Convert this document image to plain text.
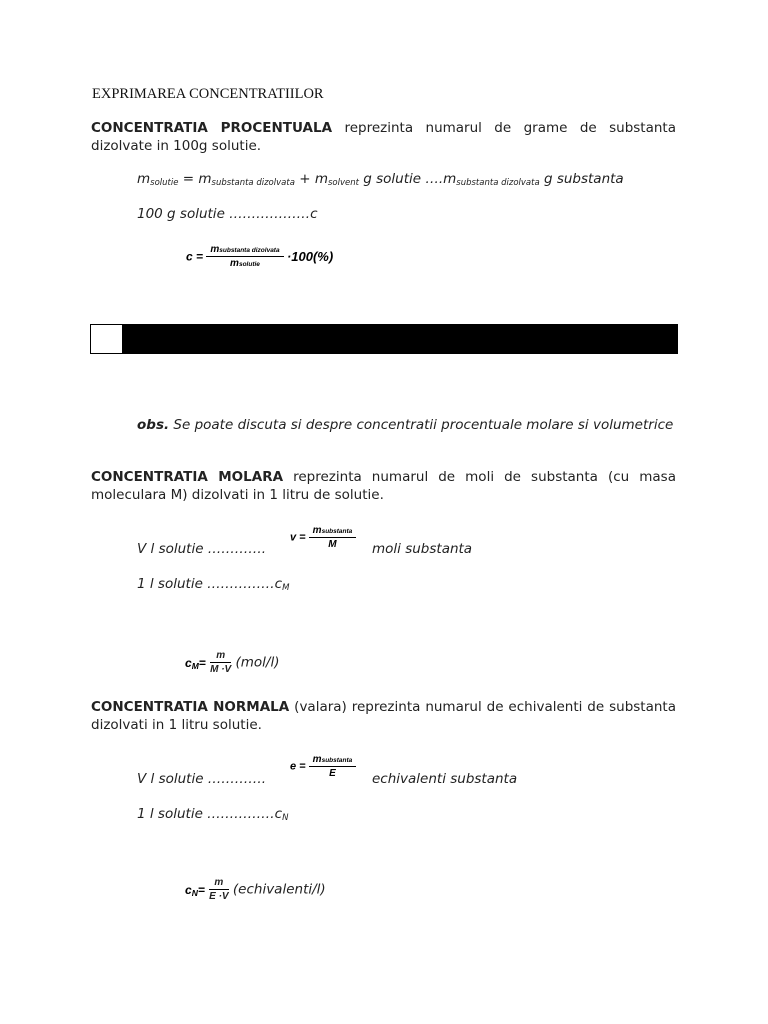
EXPRIMAREA CONCENTRATIILOR
CONCENTRATIA PROCENTUALA reprezinta numarul de grame de substanta dizolvate in 100g solutie.
msolutie = msubstanta dizolvata + msolvent g solutie ….msubstanta dizolvata g substanta
100 g solutie ………………c
$c = \frac{\text{msubstanta dizolvata}}{\text{msolutie}} \cdot 100(\%)$
obs. Se poate discuta si despre concentratii procentuale molare si volumetrice
CONCENTRATIA MOLARA reprezinta numarul de moli de substanta (cu masa moleculara M) dizolvati in 1 litru de solutie.
V l solutie ………….
$v = \frac{\text{msubstanta}}{M}$ moli substanta
1 l solutie ……………cM
$cM= \frac{m}{M \cdot V} (mol/l)$
CONCENTRATIA NORMALA (valara) reprezinta numarul de echivalenti de substanta dizolvati in 1 litru solutie.
V l solutie ………….
$e = \frac{\text{msubstanta}}{E}$ echivalenti substanta
1 l solutie ……………cN
$cN= \frac{m}{E \cdot V}$ (echivalenti/l)
